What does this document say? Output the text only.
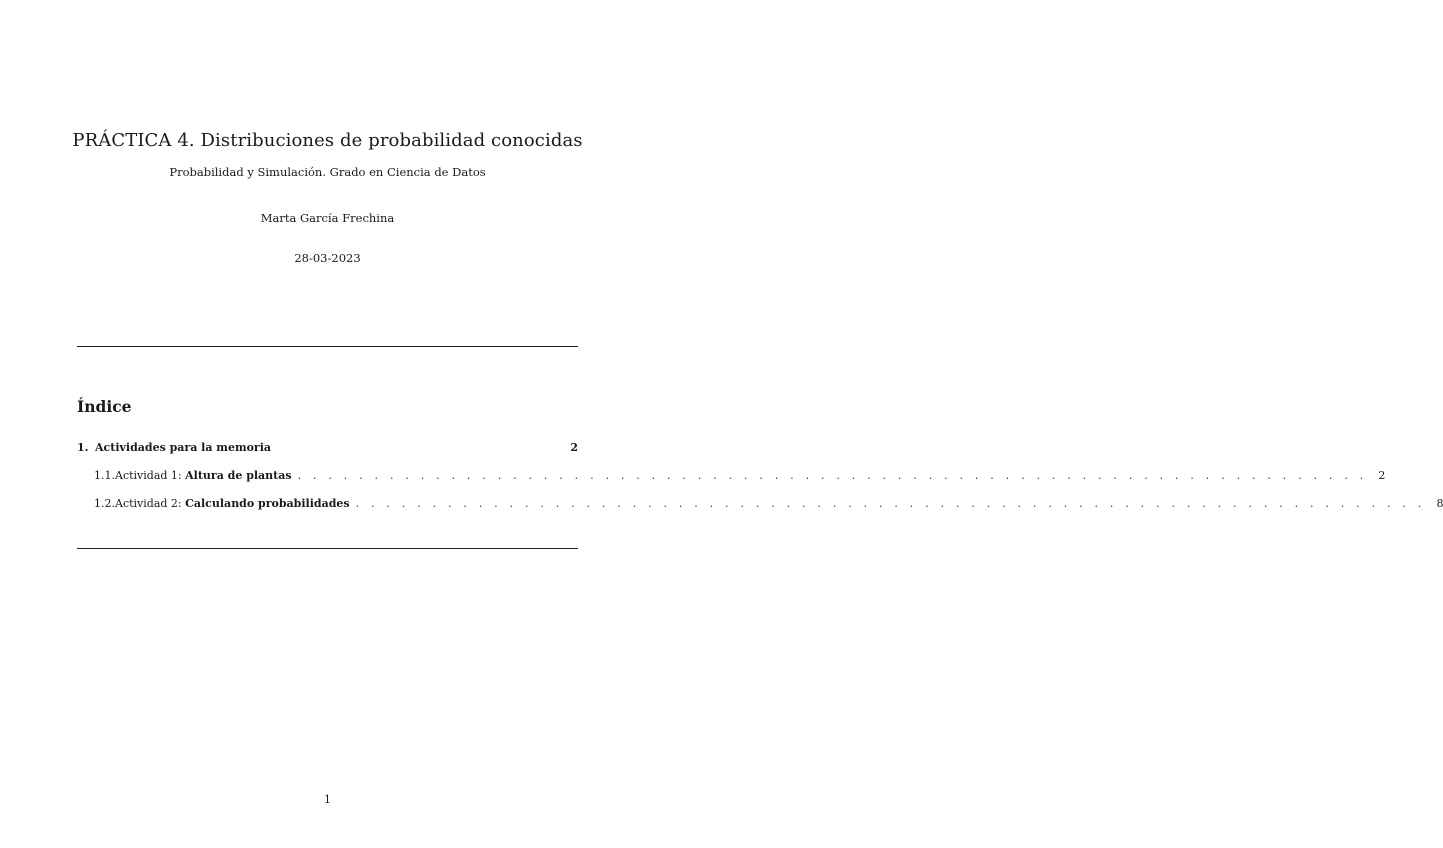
PRÁCTICA 4. Distribuciones de probabilidad conocidas
Probabilidad y Simulación. Grado en Ciencia de Datos
Marta García Frechina
28-03-2023
Índice
1. Actividades para la memoria	2
1.1. Actividad 1: Altura de plantas . . . . . . . . . . . . . . . . . . . . . . . . . . . . . . . . . . . . . . . . . . . . . . . . . . . . . . . . . . . . . . . . . . . . . . 2
1.2. Actividad 2: Calculando probabilidades . . . . . . . . . . . . . . . . . . . . . . . . . . . . . . . . . . . . . . . . . . . . . . . . . . . . . . . . . . . . . . . . . . . . . . 8
1
